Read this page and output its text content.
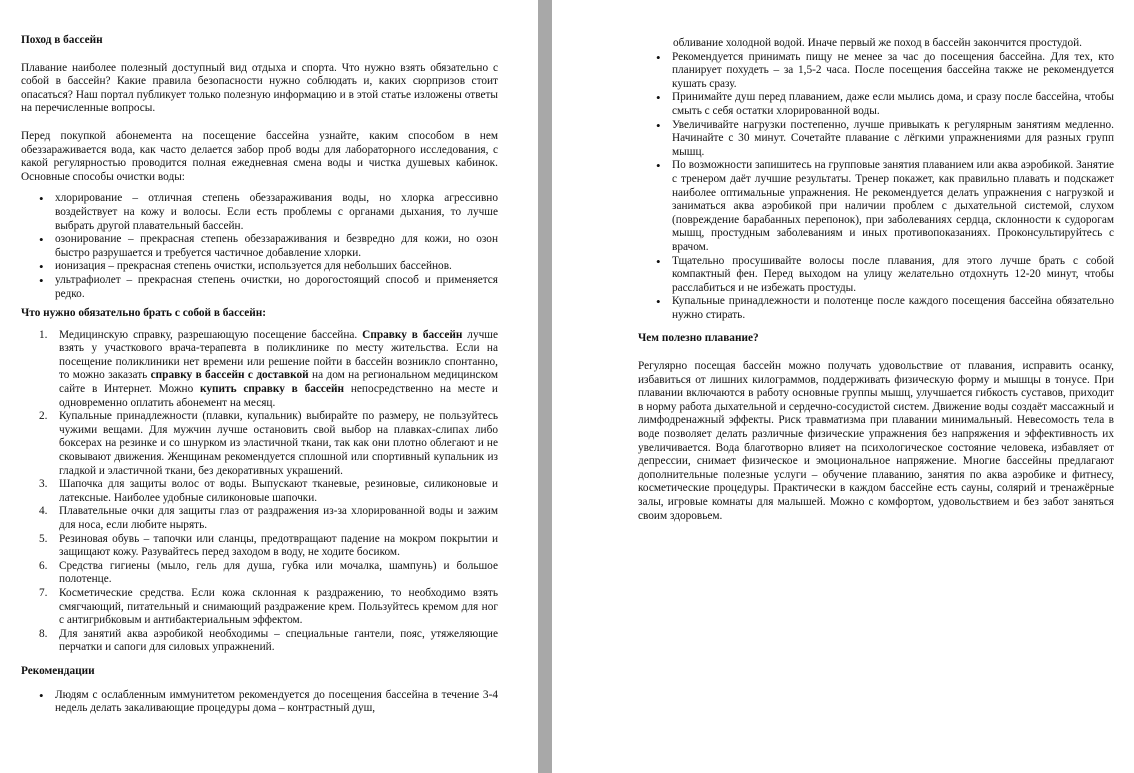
Поход в бассейн

Плавание наиболее полезный доступный вид отдыха и спорта. Что нужно взять обязательно с собой в бассейн? Какие правила безопасности нужно соблюдать и, каких сюрпризов стоит опасаться? Наш портал публикует только полезную информацию и в этой статье изложены ответы на перечисленные вопросы.

Перед покупкой абонемента на посещение бассейна узнайте, каким способом в нем обеззараживается вода, как часто делается забор проб воды для лабораторного исследования, с какой регулярностью проводится полная ежедневная смена воды и чистка душевых кабинок. Основные способы очистки воды:

• хлорирование – отличная степень обеззараживания воды, но хлорка агрессивно воздействует на кожу и волосы. Если есть проблемы с органами дыхания, то лучше выбрать другой плавательный бассейн.
• озонирование – прекрасная степень обеззараживания и безвредно для кожи, но озон быстро разрушается и требуется частичное добавление хлорки.
• ионизация – прекрасная степень очистки, используется для небольших бассейнов.
• ультрафиолет – прекрасная степень очистки, но дорогостоящий способ и применяется редко.

Что нужно обязательно брать с собой в бассейн:

1. Медицинскую справку, разрешающую посещение бассейна. Справку в бассейн лучше взять у участкового врача-терапевта в поликлинике по месту жительства. Если на посещение поликлиники нет времени или решение пойти в бассейн возникло спонтанно, то можно заказать справку в бассейн с доставкой на дом на региональном медицинском сайте в Интернет. Можно купить справку в бассейн непосредственно на месте и одновременно оплатить абонемент на месяц.
2. Купальные принадлежности (плавки, купальник) выбирайте по размеру, не пользуйтесь чужими вещами. Для мужчин лучше остановить свой выбор на плавках-слипах либо боксерах на резинке и со шнурком из эластичной ткани, так как они плотно облегают и не сковывают движения. Женщинам рекомендуется сплошной или спортивный купальник из гладкой и эластичной ткани, без декоративных украшений.
3. Шапочка для защиты волос от воды. Выпускают тканевые, резиновые, силиконовые и латексные. Наиболее удобные силиконовые шапочки.
4. Плавательные очки для защиты глаз от раздражения из-за хлорированной воды и зажим для носа, если любите нырять.
5. Резиновая обувь – тапочки или сланцы, предотвращают падение на мокром покрытии и защищают кожу. Разувайтесь перед заходом в воду, не ходите босиком.
6. Средства гигиены (мыло, гель для душа, губка или мочалка, шампунь) и большое полотенце.
7. Косметические средства. Если кожа склонная к раздражению, то необходимо взять смягчающий, питательный и снимающий раздражение крем. Пользуйтесь кремом для ног с антигрибковым и антибактериальным эффектом.
8. Для занятий аква аэробикой необходимы – специальные гантели, пояс, утяжеляющие перчатки и сапоги для силовых упражнений.

Рекомендации

• Людям с ослабленным иммунитетом рекомендуется до посещения бассейна в течение 3-4 недель делать закаливающие процедуры дома – контрастный душ,

обливание холодной водой. Иначе первый же поход в бассейн закончится простудой.

• Рекомендуется принимать пищу не менее за час до посещения бассейна. Для тех, кто планирует похудеть – за 1,5-2 часа. После посещения бассейна также не рекомендуется кушать сразу.
• Принимайте душ перед плаванием, даже если мылись дома, и сразу после бассейна, чтобы смыть с себя остатки хлорированной воды.
• Увеличивайте нагрузки постепенно, лучше привыкать к регулярным занятиям медленно. Начинайте с 30 минут. Сочетайте плавание с лёгкими упражнениями для разных групп мышц.
• По возможности запишитесь на групповые занятия плаванием или аква аэробикой. Занятие с тренером даёт лучшие результаты. Тренер покажет, как правильно плавать и подскажет наиболее оптимальные упражнения. Не рекомендуется делать упражнения с нагрузкой и заниматься аква аэробикой при наличии проблем с дыхательной системой, слухом (повреждение барабанных перепонок), при заболеваниях сердца, склонности к судорогам мышц, простудным заболеваниям и иных противопоказаниях. Проконсультируйтесь с врачом.
• Тщательно просушивайте волосы после плавания, для этого лучше брать с собой компактный фен. Перед выходом на улицу желательно отдохнуть 12-20 минут, чтобы расслабиться и не избежать простуды.
• Купальные принадлежности и полотенце после каждого посещения бассейна обязательно нужно стирать.

Чем полезно плавание?

Регулярно посещая бассейн можно получать удовольствие от плавания, исправить осанку, избавиться от лишних килограммов, поддерживать физическую форму и мышцы в тонусе. При плавании включаются в работу основные группы мышц, улучшается гибкость суставов, приходит в норму работа дыхательной и сердечно-сосудистой систем. Движение воды создаёт массажный и лимфодренажный эффекты. Риск травматизма при плавании минимальный. Невесомость тела в воде позволяет делать различные физические упражнения без напряжения и эффективность их увеличивается. Вода благотворно влияет на психологическое состояние человека, избавляет от депрессии, снимает физическое и эмоциональное напряжение. Многие бассейны предлагают дополнительные полезные услуги – обучение плаванию, занятия по аква аэробике и фитнесу, косметические процедуры. Практически в каждом бассейне есть сауны, солярий и тренажёрные залы, игровые комнаты для малышей. Можно с комфортом, удовольствием и без забот заняться своим здоровьем.
